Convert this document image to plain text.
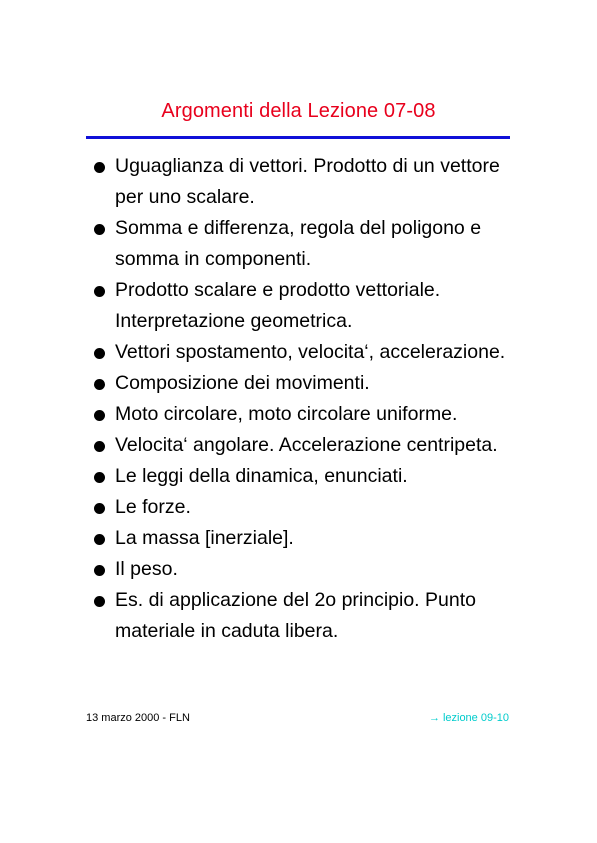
Argomenti della Lezione 07-08
Uguaglianza di vettori. Prodotto di un vettore per uno scalare.
Somma e differenza, regola del poligono e somma in componenti.
Prodotto scalare e prodotto vettoriale. Interpretazione geometrica.
Vettori spostamento, velocita‘, accelerazione.
Composizione dei movimenti.
Moto circolare, moto circolare uniforme.
Velocita‘ angolare. Accelerazione centripeta.
Le leggi della dinamica, enunciati.
Le forze.
La massa [inerziale].
Il peso.
Es. di applicazione del 2o principio. Punto materiale in caduta libera.
13 marzo 2000 - FLN	→ lezione 09-10
